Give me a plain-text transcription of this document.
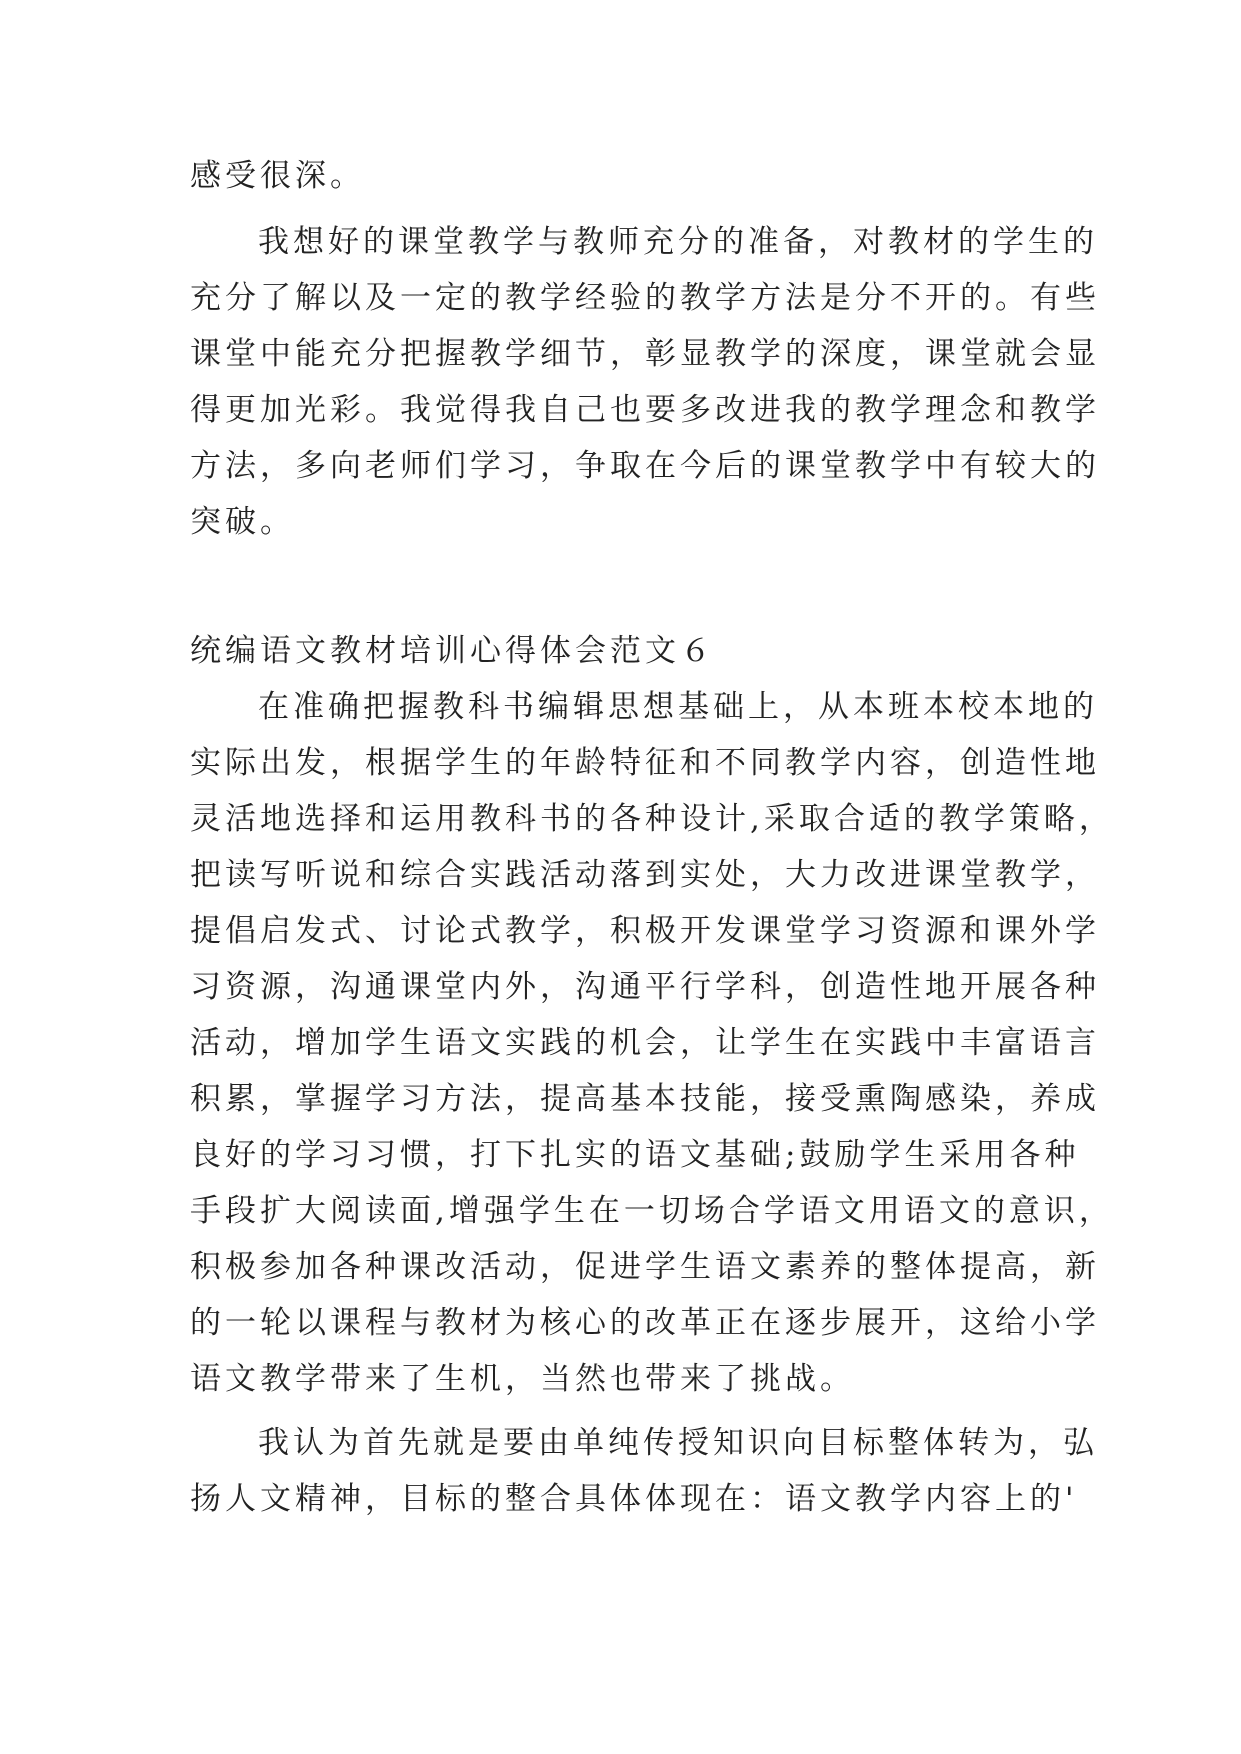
感受很深。
我想好的课堂教学与教师充分的准备，对教材的学生的
充分了解以及一定的教学经验的教学方法是分不开的。有些
课堂中能充分把握教学细节，彰显教学的深度，课堂就会显
得更加光彩。我觉得我自己也要多改进我的教学理念和教学
方法，多向老师们学习，争取在今后的课堂教学中有较大的
突破。
统编语文教材培训心得体会范文６
在准确把握教科书编辑思想基础上，从本班本校本地的
实际出发，根据学生的年龄特征和不同教学内容，创造性地
灵活地选择和运用教科书的各种设计,采取合适的教学策略，
把读写听说和综合实践活动落到实处，大力改进课堂教学，
提倡启发式、讨论式教学，积极开发课堂学习资源和课外学
习资源，沟通课堂内外，沟通平行学科，创造性地开展各种
活动，增加学生语文实践的机会，让学生在实践中丰富语言
积累，掌握学习方法，提高基本技能，接受熏陶感染，养成
良好的学习习惯，打下扎实的语文基础;鼓励学生采用各种
手段扩大阅读面,增强学生在一切场合学语文用语文的意识，
积极参加各种课改活动，促进学生语文素养的整体提高，新
的一轮以课程与教材为核心的改革正在逐步展开，这给小学
语文教学带来了生机，当然也带来了挑战。
我认为首先就是要由单纯传授知识向目标整体转为，弘
扬人文精神，目标的整合具体体现在：语文教学内容上的'
